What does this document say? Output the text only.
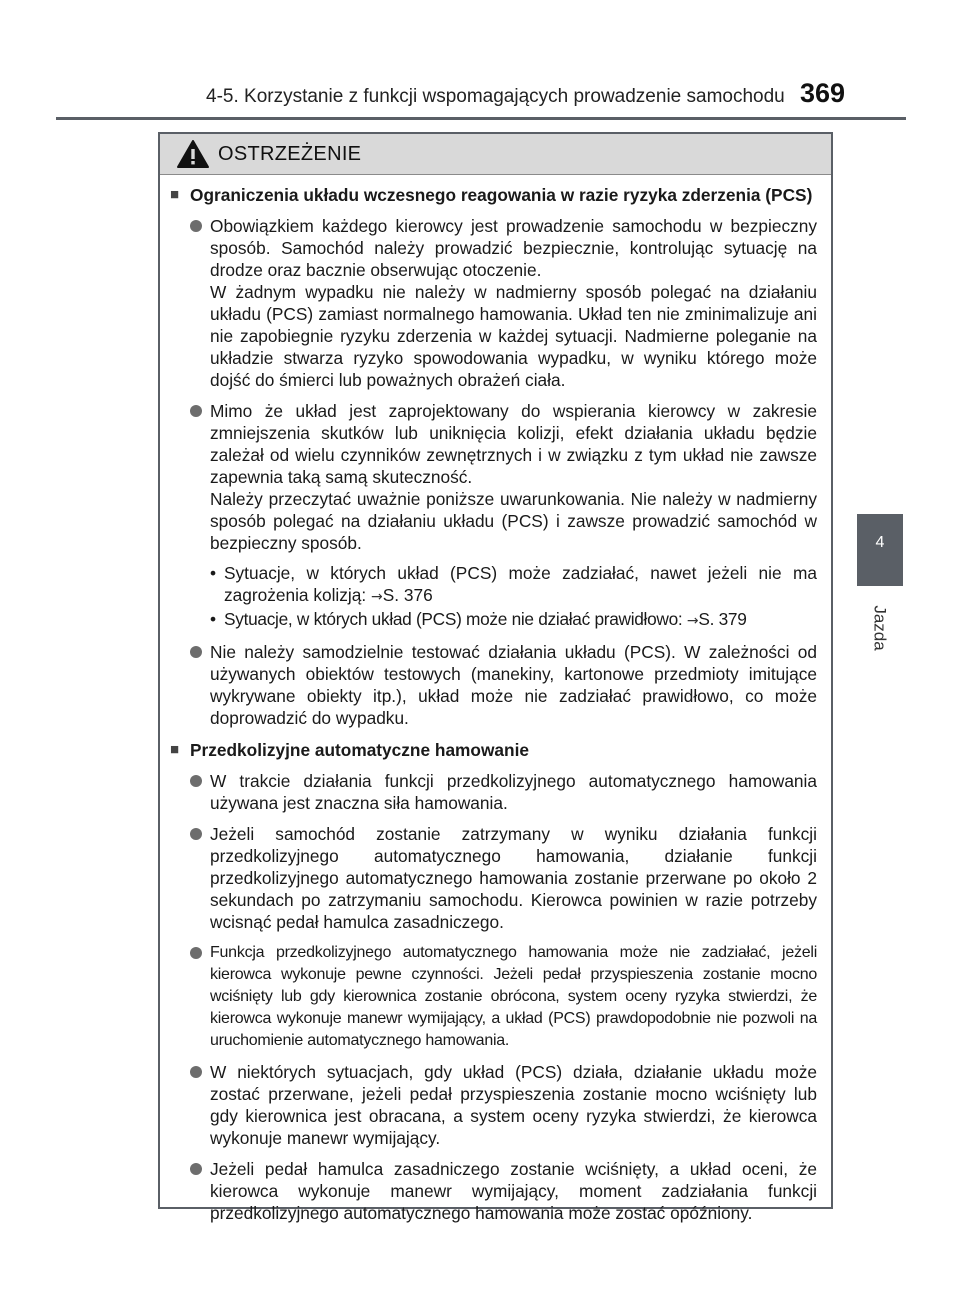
4-5. Korzystanie z funkcji wspomagających prowadzenie samochodu 369
4
Jazda
OSTRZEŻENIE
■ Ograniczenia układu wczesnego reagowania w razie ryzyka zderzenia (PCS)

Obowiązkiem każdego kierowcy jest prowadzenie samochodu w bezpieczny sposób. Samochód należy prowadzić bezpiecznie, kontrolując sytuację na drodze oraz bacznie obserwując otoczenie.

W żadnym wypadku nie należy w nadmierny sposób polegać na działaniu układu (PCS) zamiast normalnego hamowania. Układ ten nie zminimalizuje ani nie zapobiegnie ryzyku zderzenia w każdej sytuacji. Nadmierne poleganie na układzie stwarza ryzyko spowodowania wypadku, w wyniku którego może dojść do śmierci lub poważnych obrażeń ciała.

Mimo że układ jest zaprojektowany do wspierania kierowcy w zakresie zmniejszenia skutków lub uniknięcia kolizji, efekt działania układu będzie zależał od wielu czynników zewnętrznych i w związku z tym układ nie zawsze zapewnia taką samą skuteczność.

Należy przeczytać uważnie poniższe uwarunkowania. Nie należy w nadmierny sposób polegać na działaniu układu (PCS) i zawsze prowadzić samochód w bezpieczny sposób.

• Sytuacje, w których układ (PCS) może zadziałać, nawet jeżeli nie ma zagrożenia kolizją: →S. 376
• Sytuacje, w których układ (PCS) może nie działać prawidłowo: →S. 379

Nie należy samodzielnie testować działania układu (PCS). W zależności od używanych obiektów testowych (manekiny, kartonowe przedmioty imitujące wykrywane obiekty itp.), układ może nie zadziałać prawidłowo, co może doprowadzić do wypadku.

■ Przedkolizyjne automatyczne hamowanie

W trakcie działania funkcji przedkolizyjnego automatycznego hamowania używana jest znaczna siła hamowania.

Jeżeli samochód zostanie zatrzymany w wyniku działania funkcji przedkolizyjnego automatycznego hamowania, działanie funkcji przedkolizyjnego automatycznego hamowania zostanie przerwane po około 2 sekundach po zatrzymaniu samochodu. Kierowca powinien w razie potrzeby wcisnąć pedał hamulca zasadniczego.

Funkcja przedkolizyjnego automatycznego hamowania może nie zadziałać, jeżeli kierowca wykonuje pewne czynności. Jeżeli pedał przyspieszenia zostanie mocno wciśnięty lub gdy kierownica zostanie obrócona, system oceny ryzyka stwierdzi, że kierowca wykonuje manewr wymijający, a układ (PCS) prawdopodobnie nie pozwoli na uruchomienie automatycznego hamowania.

W niektórych sytuacjach, gdy układ (PCS) działa, działanie układu może zostać przerwane, jeżeli pedał przyspieszenia zostanie mocno wciśnięty lub gdy kierownica jest obracana, a system oceny ryzyka stwierdzi, że kierowca wykonuje manewr wymijający.

Jeżeli pedał hamulca zasadniczego zostanie wciśnięty, a układ oceni, że kierowca wykonuje manewr wymijający, moment zadziałania funkcji przedkolizyjnego automatycznego hamowania może zostać opóźniony.
